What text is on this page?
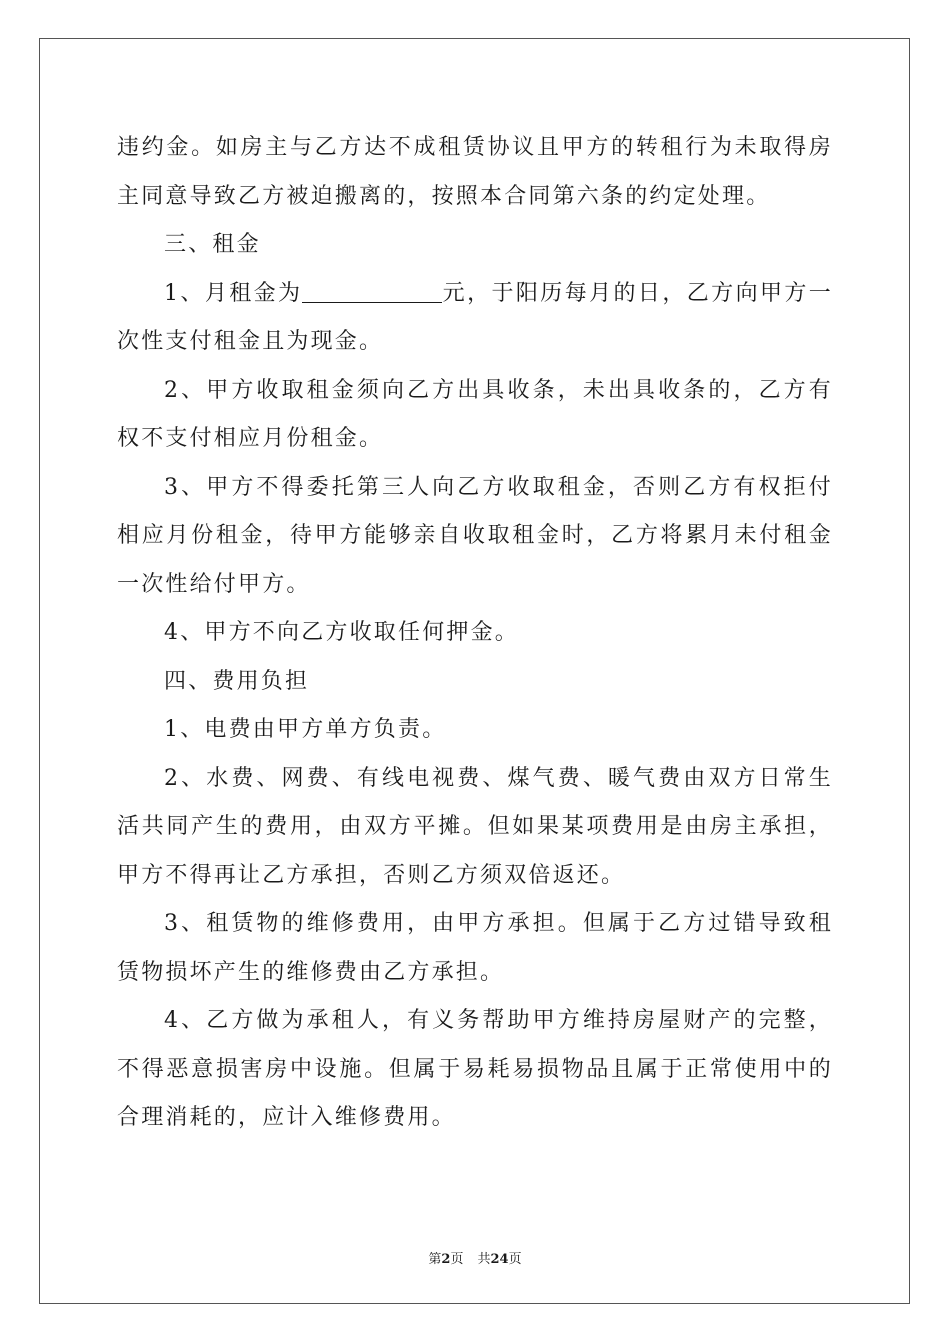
违约金。如房主与乙方达不成租赁协议且甲方的转租行为未取得房主同意导致乙方被迫搬离的，按照本合同第六条的约定处理。

三、租金

1、月租金为	元，于阳历每月的日，乙方向甲方一次性支付租金且为现金。

2、甲方收取租金须向乙方出具收条，未出具收条的，乙方有权不支付相应月份租金。

3、甲方不得委托第三人向乙方收取租金，否则乙方有权拒付相应月份租金，待甲方能够亲自收取租金时，乙方将累月未付租金一次性给付甲方。

4、甲方不向乙方收取任何押金。

四、费用负担

1、电费由甲方单方负责。

2、水费、网费、有线电视费、煤气费、暖气费由双方日常生活共同产生的费用，由双方平摊。但如果某项费用是由房主承担，甲方不得再让乙方承担，否则乙方须双倍返还。

3、租赁物的维修费用，由甲方承担。但属于乙方过错导致租赁物损坏产生的维修费由乙方承担。

4、乙方做为承租人，有义务帮助甲方维持房屋财产的完整，不得恶意损害房中设施。但属于易耗易损物品且属于正常使用中的合理消耗的，应计入维修费用。

第2页 共24页
